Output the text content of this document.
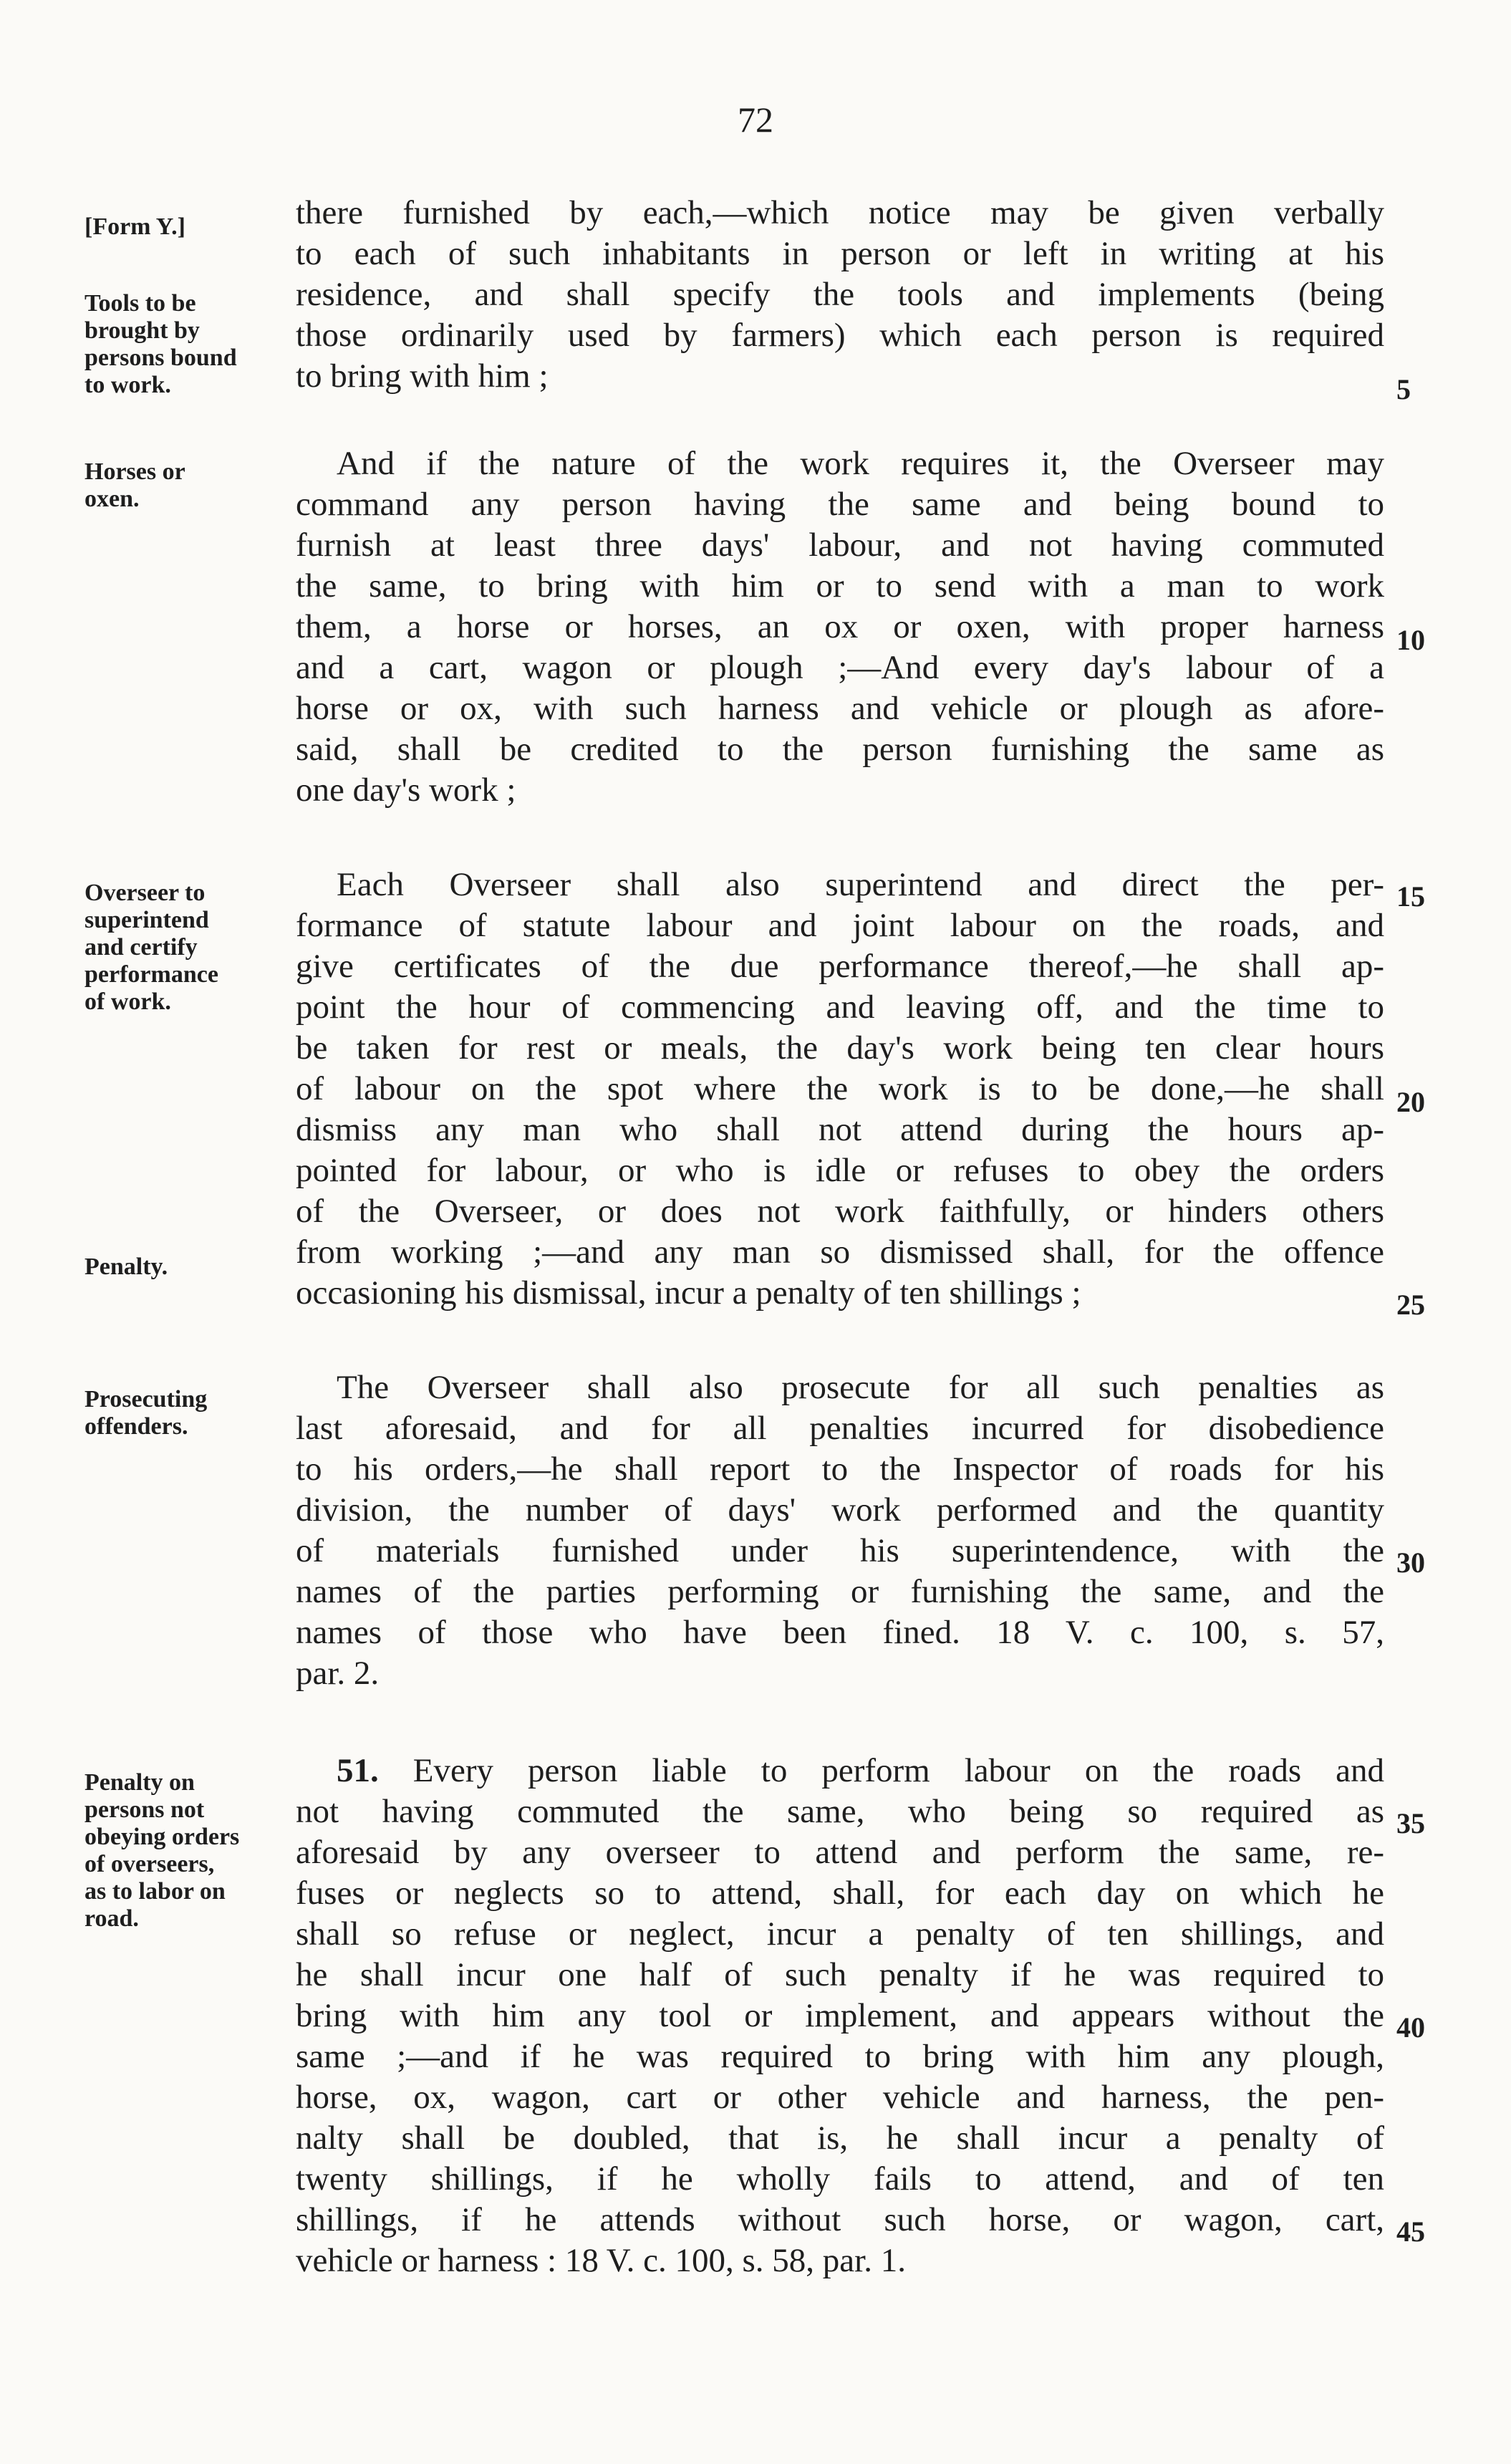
72
[Form Y.]
Tools to be
brought by
persons bound
to work.
there furnished by each,—which notice may be given verbally
to each of such inhabitants in person or left in writing at his
residence, and shall specify the tools and implements (being
those ordinarily used by farmers) which each person is required
to bring with him ;	5
Horses or
oxen.
And if the nature of the work requires it, the Overseer may
command any person having the same and being bound to
furnish at least three days' labour, and not having commuted
the same, to bring with him or to send with a man to work
them, a horse or horses, an ox or oxen, with proper harness 10
and a cart, wagon or plough ;—And every day's labour of a
horse or ox, with such harness and vehicle or plough as afore-
said, shall be credited to the person furnishing the same as
one day's work ;
Overseer to
superintend
and certify
performance
of work.
Each Overseer shall also superintend and direct the per- 15
formance of statute labour and joint labour on the roads, and
give certificates of the due performance thereof,—he shall ap-
point the hour of commencing and leaving off, and the time to
be taken for rest or meals, the day's work being ten clear hours
of labour on the spot where the work is to be done,—he shall 20
dismiss any man who shall not attend during the hours ap-
pointed for labour, or who is idle or refuses to obey the orders
of the Overseer, or does not work faithfully, or hinders others
Penalty.	from working ;—and any man so dismissed shall, for the offence
occasioning his dismissal, incur a penalty of ten shillings ;	25
Prosecuting
offenders.
The Overseer shall also prosecute for all such penalties as
last aforesaid, and for all penalties incurred for disobedience
to his orders,—he shall report to the Inspector of roads for his
division, the number of days' work performed and the quantity
of materials furnished under his superintendence, with the 30
names of the parties performing or furnishing the same, and the
names of those who have been fined. 18 V. c. 100, s. 57,
par. 2.
Penalty on
persons not
obeying orders
of overseers,
as to labor on
road.
51. Every person liable to perform labour on the roads and
not having commuted the same, who being so required as 35
aforesaid by any overseer to attend and perform the same, re-
fuses or neglects so to attend, shall, for each day on which he
shall so refuse or neglect, incur a penalty of ten shillings, and
he shall incur one half of such penalty if he was required to
bring with him any tool or implement, and appears without the 40
same ;—and if he was required to bring with him any plough,
horse, ox, wagon, cart or other vehicle and harness, the pen-
nalty shall be doubled, that is, he shall incur a penalty of
twenty shillings, if he wholly fails to attend, and of ten
shillings, if he attends without such horse, or wagon, cart, 45
vehicle or harness : 18 V. c. 100, s. 58, par. 1.
